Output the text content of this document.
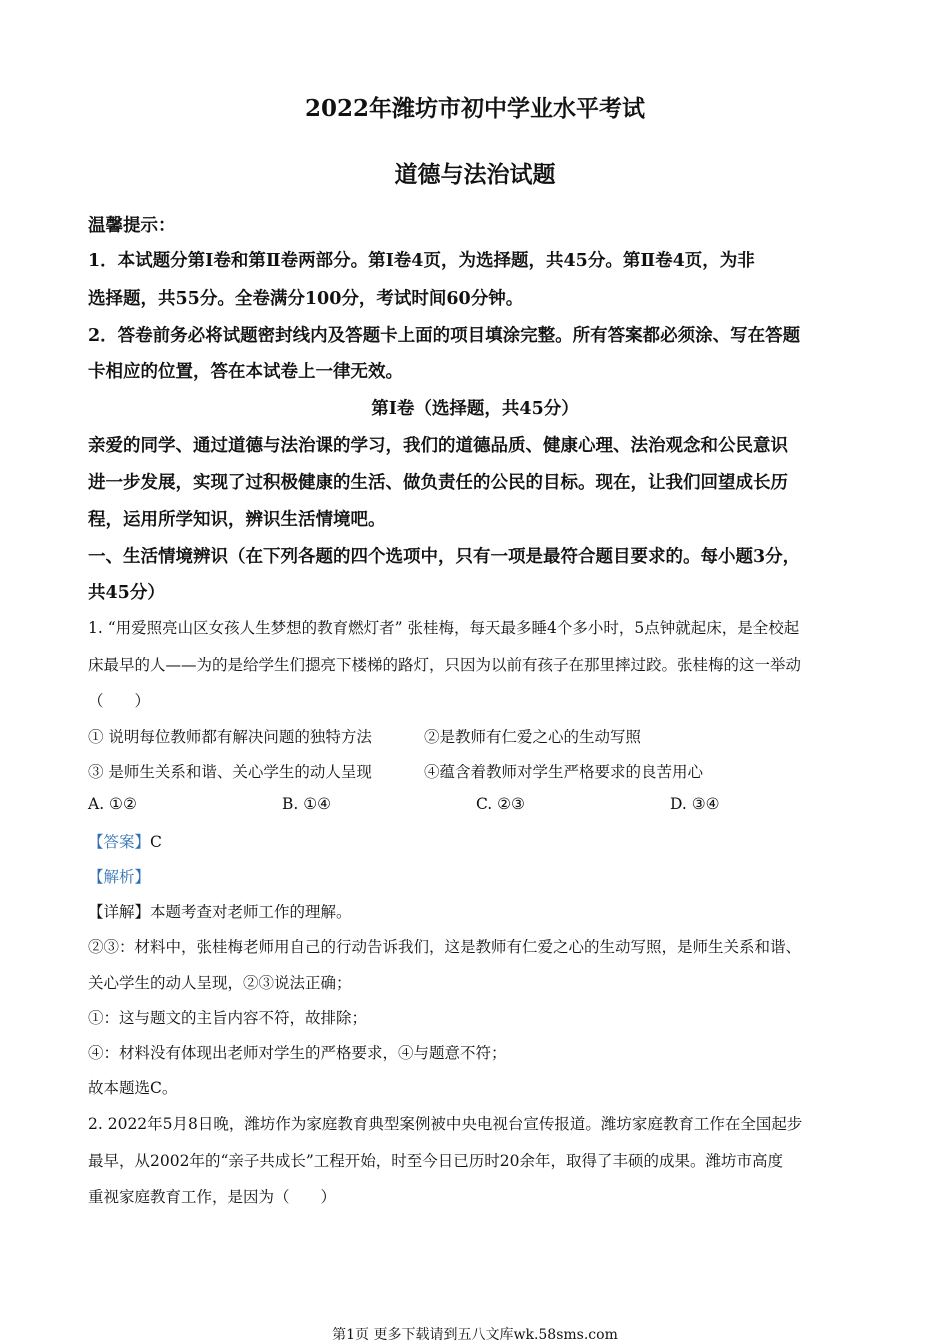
2022年潍坊市初中学业水平考试
道德与法治试题
温馨提示：
1．本试题分第Ⅰ卷和第Ⅱ卷两部分。第Ⅰ卷4页，为选择题，共45分。第Ⅱ卷4页，为非
选择题，共55分。全卷满分100分，考试时间60分钟。
2．答卷前务必将试题密封线内及答题卡上面的项目填涂完整。所有答案都必须涂、写在答题
卡相应的位置，答在本试卷上一律无效。
第Ⅰ卷（选择题，共45分）
亲爱的同学、通过道德与法治课的学习，我们的道德品质、健康心理、法治观念和公民意识
进一步发展，实现了过积极健康的生活、做负责任的公民的目标。现在，让我们回望成长历
程，运用所学知识，辨识生活情境吧。
一、生活情境辨识（在下列各题的四个选项中，只有一项是最符合题目要求的。每小题3分，
共45分）
1. “用爱照亮山区女孩人生梦想的教育燃灯者” 张桂梅，每天最多睡4个多小时，5点钟就起床，是全校起
床最早的人——为的是给学生们摁亮下楼梯的路灯，只因为以前有孩子在那里摔过跤。张桂梅的这一举动
（　　）
① 说明每位教师都有解决问题的独特方法	②是教师有仁爱之心的生动写照
③ 是师生关系和谐、关心学生的动人呈现	④蕴含着教师对学生严格要求的良苦用心
A. ①②	B. ①④	C. ②③	D. ③④
【答案】C
【解析】
【详解】本题考查对老师工作的理解。
②③：材料中，张桂梅老师用自己的行动告诉我们，这是教师有仁爱之心的生动写照，是师生关系和谐、
关心学生的动人呈现，②③说法正确；
①：这与题文的主旨内容不符，故排除；
④：材料没有体现出老师对学生的严格要求，④与题意不符；
故本题选C。
2. 2022年5月8日晚，潍坊作为家庭教育典型案例被中央电视台宣传报道。潍坊家庭教育工作在全国起步
最早，从2002年的“亲子共成长”工程开始，时至今日已历时20余年，取得了丰硕的成果。潍坊市高度
重视家庭教育工作，是因为（　　）
第1页 更多下载请到五八文库wk.58sms.com
